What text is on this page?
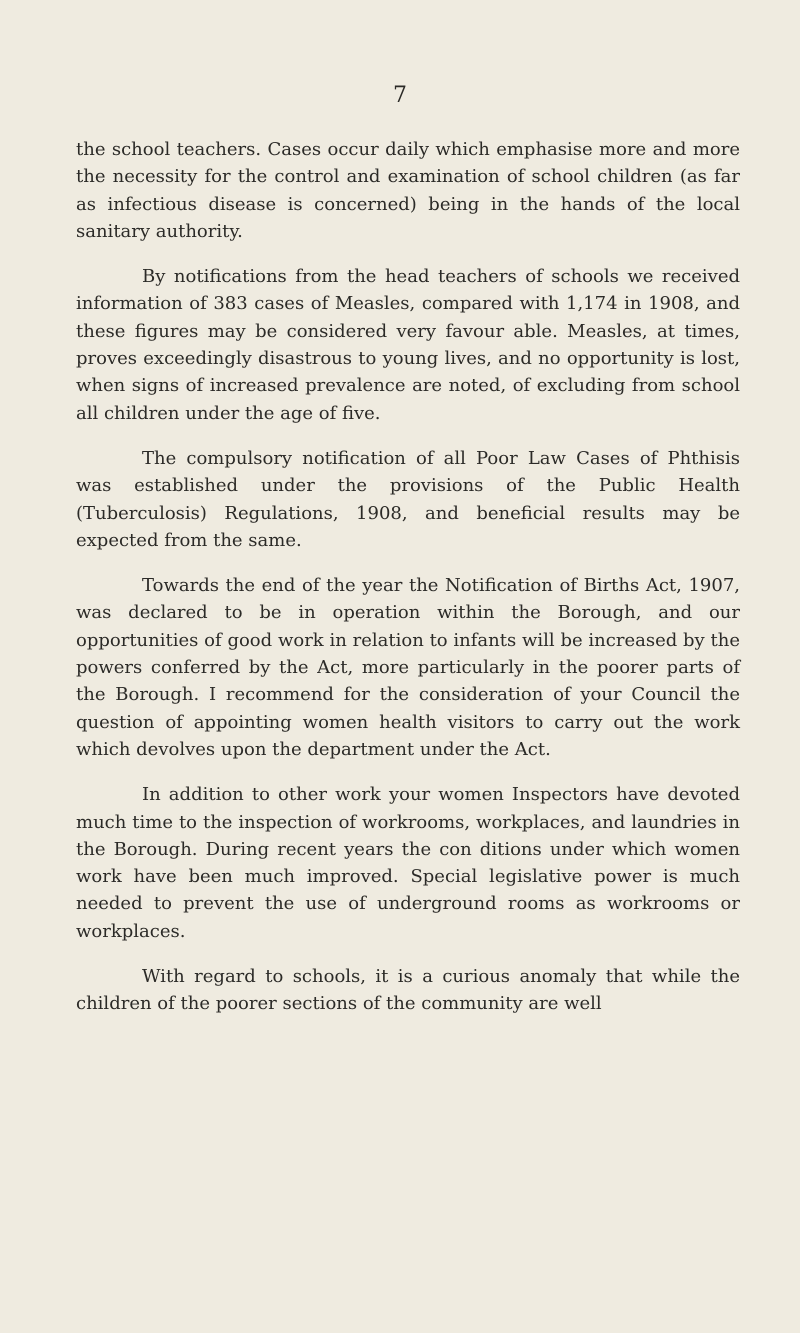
7

the school teachers. Cases occur daily which emphasise more and more the necessity for the control and examination of school children (as far as infectious disease is concerned) being in the hands of the local sanitary authority.

By notifications from the head teachers of schools we received information of 383 cases of Measles, compared with 1,174 in 1908, and these figures may be considered very favour able. Measles, at times, proves exceedingly disastrous to young lives, and no opportunity is lost, when signs of increased prevalence are noted, of excluding from school all children under the age of five.

The compulsory notification of all Poor Law Cases of Phthisis was established under the provisions of the Public Health (Tuberculosis) Regulations, 1908, and beneficial results may be expected from the same.

Towards the end of the year the Notification of Births Act, 1907, was declared to be in operation within the Borough, and our opportunities of good work in relation to infants will be increased by the powers conferred by the Act, more particularly in the poorer parts of the Borough. I recommend for the consideration of your Council the question of appointing women health visitors to carry out the work which devolves upon the department under the Act.

In addition to other work your women Inspectors have devoted much time to the inspection of workrooms, workplaces, and laundries in the Borough. During recent years the con ditions under which women work have been much improved. Special legislative power is much needed to prevent the use of underground rooms as workrooms or workplaces.

With regard to schools, it is a curious anomaly that while the children of the poorer sections of the community are well
